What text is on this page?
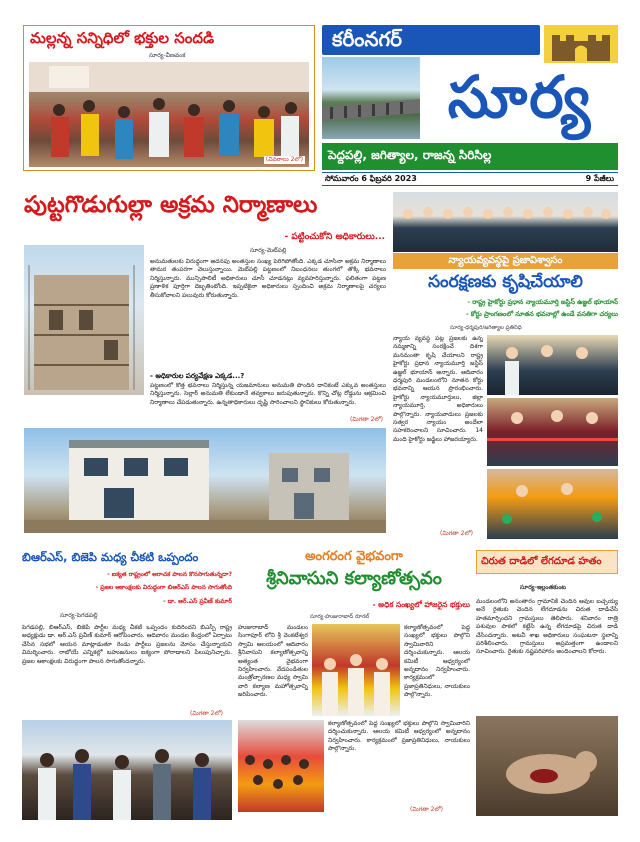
మల్లన్న సన్నిధిలో భక్తుల సందడి
సూర్య-వీణవంక
(వివరాలు 2లో)
కరీంనగర్
సూర్య
పెద్దపల్లి, జగిత్యాల, రాజన్న సిరిసిల్ల
సోమవారం 6 ఫిబ్రవరి 2023	9 పేజీలు
పుట్టగొడుగుల్లా అక్రమ నిర్మాణాలు
- పట్టించుకోని అధికారులు...
సూర్య-మెట్‌పల్లి
అనుమతులకు విరుద్ధంగా అదనపు అంతస్తుల సంఖ్య పెరిగిపోతోంది. ఎక్కడ చూసినా అక్రమ నిర్మాణాలు తామర తంపరగా వెలుస్తున్నాయి. మెట్‌పల్లి పట్టణంలో నిబంధనలు తుంగలో తొక్కి భవనాలు నిర్మిస్తున్నారు. మున్సిపాలిటీ అధికారులు చూసీ చూడనట్లు వ్యవహరిస్తున్నారు. ఫలితంగా పట్టణ ప్రణాళిక పూర్తిగా దెబ్బతింటోంది. ఇప్పటికైనా అధికారులు స్పందించి అక్రమ నిర్మాణాలపై చర్యలు తీసుకోవాలని పలువురు కోరుతున్నారు.
- అధికారుల పర్యవేక్షణ ఎక్కడ...?
పట్టణంలో కొత్త భవనాలు నిర్మిస్తున్న యజమానులు అనుమతి పొందిన దానికంటే ఎక్కువ అంతస్తులు నిర్మిస్తున్నారు. సెల్లార్ అనుమతి లేకుండానే తవ్వకాలు జరుపుతున్నారు. కొన్ని చోట్ల రోడ్డును ఆక్రమించి నిర్మాణాలు చేపడుతున్నారు. ఉన్నతాధికారులు దృష్టి సారించాలని స్థానికులు కోరుతున్నారు.
(మిగతా 2లో)
న్యాయవ్యవస్థపై ప్రజావిశ్వాసం
సంరక్షణకు కృషిచేయాలి
- రాష్ట్ర హైకోర్టు ప్రధాన న్యాయమూర్తి జస్టిస్ ఉజ్జల్ భూయాన్
- కోర్టు ప్రాంగణంలో నూతన భవనాల్లో ఉండే వసతిగా చర్యలు
సూర్య-ధర్మపురి/జగిత్యాల ప్రతినిధి
న్యాయ వ్యవస్థ పట్ల ప్రజలకు ఉన్న నమ్మకాన్ని సంరక్షించే దిశగా మనమంతా కృషి చేయాలని రాష్ట్ర హైకోర్టు ప్రధాన న్యాయమూర్తి జస్టిస్ ఉజ్జల్ భూయాన్ అన్నారు. ఆదివారం ధర్మపురి మండలంలోని నూతన కోర్టు భవనాన్ని ఆయన ప్రారంభించారు. హైకోర్టు న్యాయమూర్తులు, జిల్లా న్యాయమూర్తి, అధికారులు పాల్గొన్నారు. న్యాయవాదులు ప్రజలకు సత్వర న్యాయం అందేలా సహకరించాలని సూచించారు. 14 మంది హైకోర్టు జడ్జిలు హాజరయ్యారు.
(మిగతా 2లో)
బిఆర్ఎస్, బిజెపి మధ్య చీకటి ఒప్పందం
- ఐక్యత రాష్ట్రంలో అరాచక పాలన కొనసాగుతున్నదా?
- ప్రజల ఆకాంక్షలకు విరుద్ధంగా బిఆర్ఎస్ పాలన సాగుతోంది
- డా. ఆర్.ఎస్ ప్రవీణ్ కుమార్
సూర్య-పెగడపల్లి
పెగడపల్లి, బిఆర్ఎస్, బిజెపి పార్టీల మధ్య చీకటి ఒప్పందం కుదిరిందని బిఎస్పీ రాష్ట్ర అధ్యక్షుడు డా. ఆర్.ఎస్ ప్రవీణ్ కుమార్ ఆరోపించారు. ఆదివారం మండల కేంద్రంలో ఏర్పాటు చేసిన సభలో ఆయన మాట్లాడుతూ రెండు పార్టీలు ప్రజలను మోసం చేస్తున్నాయని విమర్శించారు. రాబోయే ఎన్నికల్లో బహుజనులు ఐక్యంగా పోరాడాలని పిలుపునిచ్చారు. ప్రజల ఆకాంక్షలకు విరుద్ధంగా పాలన సాగుతోందన్నారు.
(మిగతా 2లో)
అంగరంగ వైభవంగా
శ్రీనివాసుని కల్యాణోత్సవం
- అధిక సంఖ్యలో హాజరైన భక్తులు
సూర్య-హుజురాబాద్ రూరల్
హుజురాబాద్ మండలం సింగాపూర్ లోని శ్రీ వెంకటేశ్వర స్వామి ఆలయంలో ఆదివారం శ్రీనివాసుని కల్యాణోత్సవాన్ని అత్యంత వైభవంగా నిర్వహించారు. వేదపండితుల మంత్రోచ్ఛారణల మధ్య స్వామి వారి కల్యాణ మహోత్సవాన్ని జరిపించారు.
కల్యాణోత్సవంలో పెద్ద సంఖ్యలో భక్తులు పాల్గొని స్వామివారిని దర్శించుకున్నారు. ఆలయ కమిటీ ఆధ్వర్యంలో అన్నదానం నిర్వహించారు. కార్యక్రమంలో ప్రజాప్రతినిధులు, నాయకులు పాల్గొన్నారు.
కల్యాణోత్సవంలో పెద్ద సంఖ్యలో భక్తులు పాల్గొని స్వామివారిని దర్శించుకున్నారు. ఆలయ కమిటీ ఆధ్వర్యంలో అన్నదానం నిర్వహించారు. కార్యక్రమంలో ప్రజాప్రతినిధులు, నాయకులు పాల్గొన్నారు.
(మిగతా 2లో)
చిరుత దాడిలో లేగదూడ హతం
సూర్య-ఇల్లంతకుంట
మండలంలోని అనంతారం గ్రామానికి చెందిన ఆవుల బచ్చయ్య అనే రైతుకు చెందిన లేగదూడను చిరుత దాడిచేసి హతమార్చిందని గ్రామస్తులు తెలిపారు. శనివారం రాత్రి పశువుల పాకలో కట్టేసి ఉన్న లేగదూడపై చిరుత దాడి చేసిందన్నారు. అటవీ శాఖ అధికారులు సంఘటనా స్థలాన్ని పరిశీలించారు. గ్రామస్తులు అప్రమత్తంగా ఉండాలని సూచించారు. రైతుకు నష్టపరిహారం అందించాలని కోరారు.
